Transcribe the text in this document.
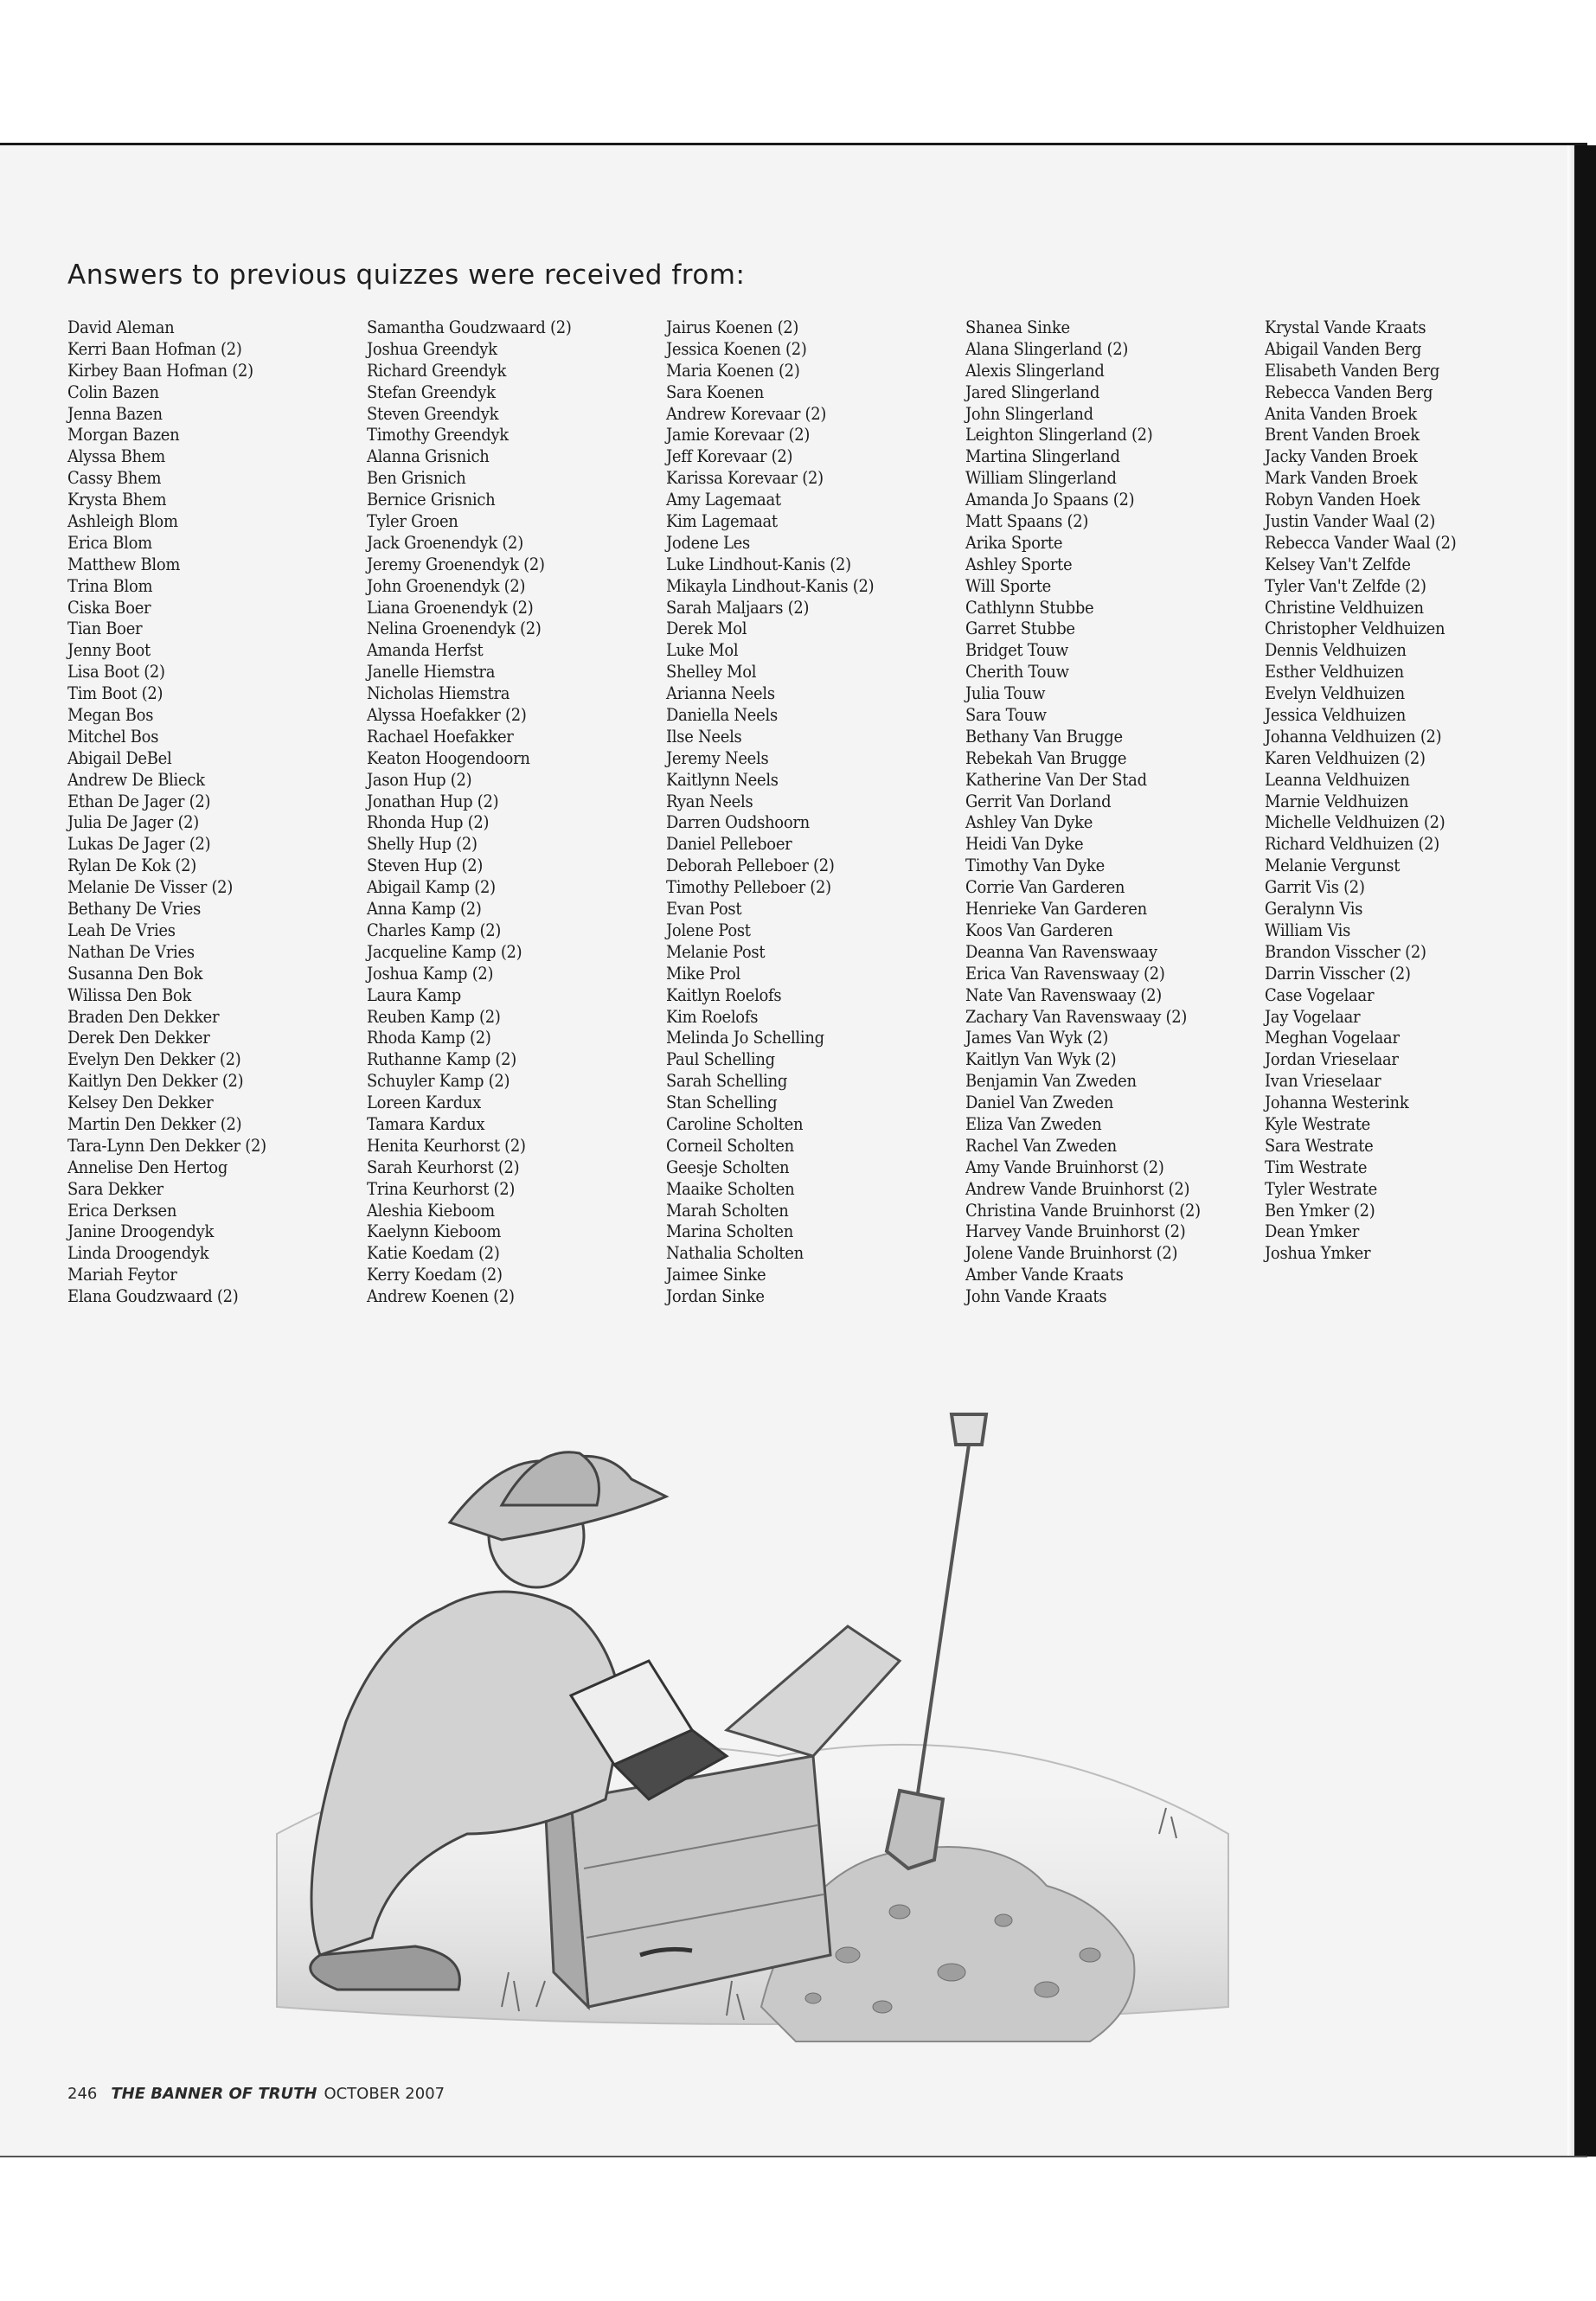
Answers to previous quizzes were received from:
David Aleman
Kerri Baan Hofman (2)
Kirbey Baan Hofman (2)
Colin Bazen
Jenna Bazen
Morgan Bazen
Alyssa Bhem
Cassy Bhem
Krysta Bhem
Ashleigh Blom
Erica Blom
Matthew Blom
Trina Blom
Ciska Boer
Tian Boer
Jenny Boot
Lisa Boot (2)
Tim Boot (2)
Megan Bos
Mitchel Bos
Abigail DeBel
Andrew De Blieck
Ethan De Jager (2)
Julia De Jager (2)
Lukas De Jager (2)
Rylan De Kok (2)
Melanie De Visser (2)
Bethany De Vries
Leah De Vries
Nathan De Vries
Susanna Den Bok
Wilissa Den Bok
Braden Den Dekker
Derek Den Dekker
Evelyn Den Dekker (2)
Kaitlyn Den Dekker (2)
Kelsey Den Dekker
Martin Den Dekker (2)
Tara-Lynn Den Dekker (2)
Annelise Den Hertog
Sara Dekker
Erica Derksen
Janine Droogendyk
Linda Droogendyk
Mariah Feytor
Elana Goudzwaard (2)
Samantha Goudzwaard (2)
Joshua Greendyk
Richard Greendyk
Stefan Greendyk
Steven Greendyk
Timothy Greendyk
Alanna Grisnich
Ben Grisnich
Bernice Grisnich
Tyler Groen
Jack Groenendyk (2)
Jeremy Groenendyk (2)
John Groenendyk (2)
Liana Groenendyk (2)
Nelina Groenendyk (2)
Amanda Herfst
Janelle Hiemstra
Nicholas Hiemstra
Alyssa Hoefakker (2)
Rachael Hoefakker
Keaton Hoogendoorn
Jason Hup (2)
Jonathan Hup (2)
Rhonda Hup (2)
Shelly Hup (2)
Steven Hup (2)
Abigail Kamp (2)
Anna Kamp (2)
Charles Kamp (2)
Jacqueline Kamp (2)
Joshua Kamp (2)
Laura Kamp
Reuben Kamp (2)
Rhoda Kamp (2)
Ruthanne Kamp (2)
Schuyler Kamp (2)
Loreen Kardux
Tamara Kardux
Henita Keurhorst (2)
Sarah Keurhorst (2)
Trina Keurhorst (2)
Aleshia Kieboom
Kaelynn Kieboom
Katie Koedam (2)
Kerry Koedam (2)
Andrew Koenen (2)
Jairus Koenen (2)
Jessica Koenen (2)
Maria Koenen (2)
Sara Koenen
Andrew Korevaar (2)
Jamie Korevaar (2)
Jeff Korevaar (2)
Karissa Korevaar (2)
Amy Lagemaat
Kim Lagemaat
Jodene Les
Luke Lindhout-Kanis (2)
Mikayla Lindhout-Kanis (2)
Sarah Maljaars (2)
Derek Mol
Luke Mol
Shelley Mol
Arianna Neels
Daniella Neels
Ilse Neels
Jeremy Neels
Kaitlynn Neels
Ryan Neels
Darren Oudshoorn
Daniel Pelleboer
Deborah Pelleboer (2)
Timothy Pelleboer (2)
Evan Post
Jolene Post
Melanie Post
Mike Prol
Kaitlyn Roelofs
Kim Roelofs
Melinda Jo Schelling
Paul Schelling
Sarah Schelling
Stan Schelling
Caroline Scholten
Corneil Scholten
Geesje Scholten
Maaike Scholten
Marah Scholten
Marina Scholten
Nathalia Scholten
Jaimee Sinke
Jordan Sinke
Shanea Sinke
Alana Slingerland (2)
Alexis Slingerland
Jared Slingerland
John Slingerland
Leighton Slingerland (2)
Martina Slingerland
William Slingerland
Amanda Jo Spaans (2)
Matt Spaans (2)
Arika Sporte
Ashley Sporte
Will Sporte
Cathlynn Stubbe
Garret Stubbe
Bridget Touw
Cherith Touw
Julia Touw
Sara Touw
Bethany Van Brugge
Rebekah Van Brugge
Katherine Van Der Stad
Gerrit Van Dorland
Ashley Van Dyke
Heidi Van Dyke
Timothy Van Dyke
Corrie Van Garderen
Henrieke Van Garderen
Koos Van Garderen
Deanna Van Ravenswaay
Erica Van Ravenswaay (2)
Nate Van Ravenswaay (2)
Zachary Van Ravenswaay (2)
James Van Wyk (2)
Kaitlyn Van Wyk (2)
Benjamin Van Zweden
Daniel Van Zweden
Eliza Van Zweden
Rachel Van Zweden
Amy Vande Bruinhorst (2)
Andrew Vande Bruinhorst (2)
Christina Vande Bruinhorst (2)
Harvey Vande Bruinhorst (2)
Jolene Vande Bruinhorst (2)
Amber Vande Kraats
John Vande Kraats
Krystal Vande Kraats
Abigail Vanden Berg
Elisabeth Vanden Berg
Rebecca Vanden Berg
Anita Vanden Broek
Brent Vanden Broek
Jacky Vanden Broek
Mark Vanden Broek
Robyn Vanden Hoek
Justin Vander Waal (2)
Rebecca Vander Waal (2)
Kelsey Van't Zelfde
Tyler Van't Zelfde (2)
Christine Veldhuizen
Christopher Veldhuizen
Dennis Veldhuizen
Esther Veldhuizen
Evelyn Veldhuizen
Jessica Veldhuizen
Johanna Veldhuizen (2)
Karen Veldhuizen (2)
Leanna Veldhuizen
Marnie Veldhuizen
Michelle Veldhuizen (2)
Richard Veldhuizen (2)
Melanie Vergunst
Garrit Vis (2)
Geralynn Vis
William Vis
Brandon Visscher (2)
Darrin Visscher (2)
Case Vogelaar
Jay Vogelaar
Meghan Vogelaar
Jordan Vrieselaar
Ivan Vrieselaar
Johanna Westerink
Kyle Westrate
Sara Westrate
Tim Westrate
Tyler Westrate
Ben Ymker (2)
Dean Ymker
Joshua Ymker
246 THE BANNER OF TRUTH OCTOBER 2007
